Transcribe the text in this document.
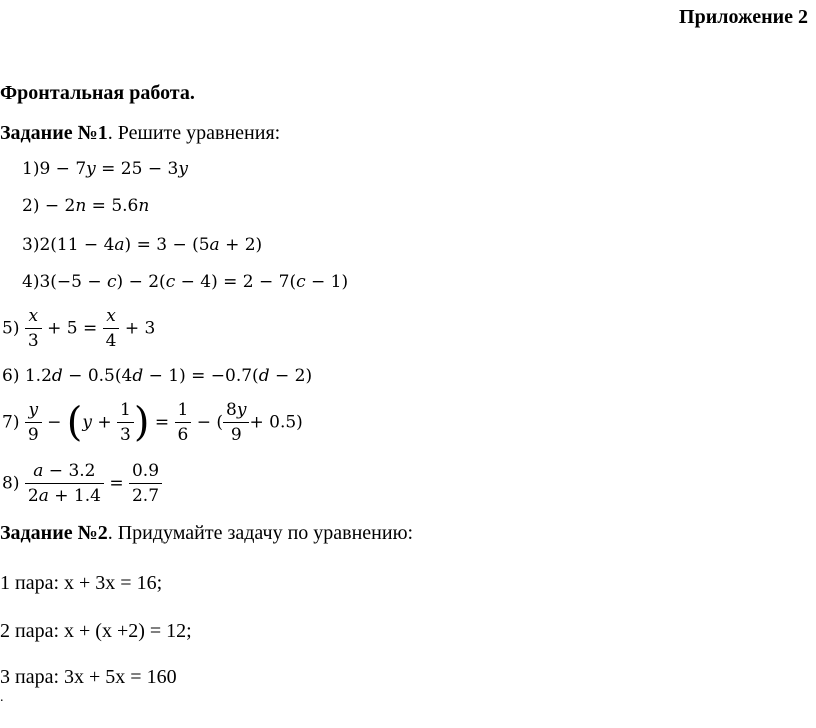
Приложение 2
Фронтальная работа.
Задание №1. Решите уравнения:
1)9 − 7y = 25 − 3y
2) − 2n = 5.6n
3)2(11 − 4a) = 3 − (5a + 2)
4)3(−5 − c) − 2(c − 4) = 2 − 7(c − 1)
$5) \frac{x}{3} + 5 = \frac{x}{4} + 3$
6) 1.2d − 0.5(4d − 1) = −0.7(d − 2)
$7) \frac{y}{9} - (y + \frac{1}{3}$ ) = $\frac{1}{6}$ − ( $\frac{8y}{9} + 0.5$)
$8) \frac{a - 3.2}{2a + 1.4} = \frac{0.9}{2.7}$
Задание №2. Придумайте задачу по уравнению:
1 пара: х + 3х = 16;
2 пара: х + (х +2) = 12;
3 пара: 3х + 5х = 160
.
